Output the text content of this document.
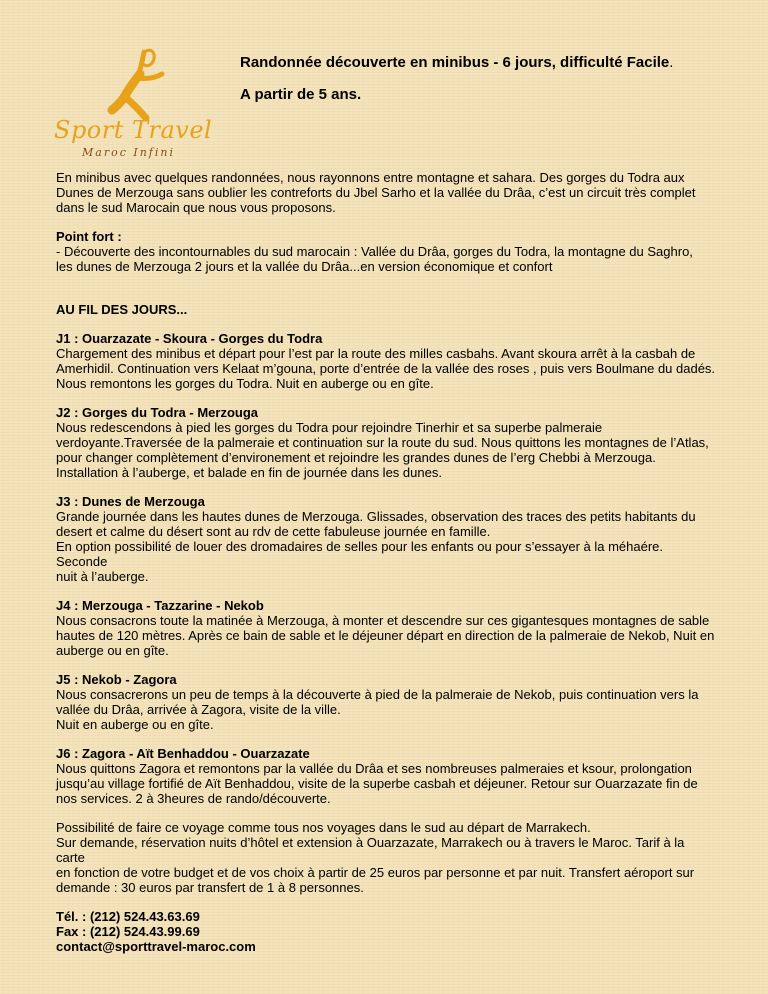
Sport Travel
Maroc Infini
Randonnée découverte en minibus - 6 jours, difficulté Facile.
A partir de 5 ans.

En minibus avec quelques randonnées, nous rayonnons entre montagne et sahara. Des gorges du Todra aux
Dunes de Merzouga sans oublier les contreforts du Jbel Sarho et la vallée du Drâa, c’est un circuit très complet
dans le sud Marocain que nous vous proposons.

Point fort :
- Découverte des incontournables du sud marocain : Vallée du Drâa, gorges du Todra, la montagne du Saghro,
les dunes de Merzouga 2 jours et la vallée du Drâa...en version économique et confort

AU FIL DES JOURS...

J1 : Ouarzazate - Skoura - Gorges du Todra
Chargement des minibus et départ pour l’est par la route des milles casbahs. Avant skoura arrêt à la casbah de
Amerhidil. Continuation vers Kelaat m’gouna, porte d’entrée de la vallée des roses , puis vers Boulmane du dadés.
Nous remontons les gorges du Todra. Nuit en auberge ou en gîte.

J2 : Gorges du Todra - Merzouga
Nous redescendons à pied les gorges du Todra pour rejoindre Tinerhir et sa superbe palmeraie
verdoyante.Traversée de la palmeraie et continuation sur la route du sud. Nous quittons les montagnes de l’Atlas,
pour changer complètement d’environement et rejoindre les grandes dunes de l’erg Chebbi à Merzouga.
Installation à l’auberge, et balade en fin de journée dans les dunes.

J3 : Dunes de Merzouga
Grande journée dans les hautes dunes de Merzouga. Glissades, observation des traces des petits habitants du
desert et calme du désert sont au rdv de cette fabuleuse journée en famille.
En option possibilité de louer des dromadaires de selles pour les enfants ou pour s’essayer à la méhaére. Seconde
nuit à l’auberge.

J4 : Merzouga - Tazzarine - Nekob
Nous consacrons toute la matinée à Merzouga, à monter et descendre sur ces gigantesques montagnes de sable
hautes de 120 mètres. Après ce bain de sable et le déjeuner départ en direction de la palmeraie de Nekob, Nuit en
auberge ou en gîte.

J5 : Nekob - Zagora
Nous consacrerons un peu de temps à la découverte à pied de la palmeraie de Nekob, puis continuation vers la
vallée du Drâa, arrivée à Zagora, visite de la ville.
Nuit en auberge ou en gîte.

J6 : Zagora - Aït Benhaddou - Ouarzazate
Nous quittons Zagora et remontons par la vallée du Drâa et ses nombreuses palmeraies et ksour, prolongation
jusqu’au village fortifié de Aït Benhaddou, visite de la superbe casbah et déjeuner. Retour sur Ouarzazate fin de
nos services. 2 à 3heures de rando/découverte.

Possibilité de faire ce voyage comme tous nos voyages dans le sud au départ de Marrakech.
Sur demande, réservation nuits d’hôtel et extension à Ouarzazate, Marrakech ou à travers le Maroc. Tarif à la carte
en fonction de votre budget et de vos choix à partir de 25 euros par personne et par nuit. Transfert aéroport sur
demande : 30 euros par transfert de 1 à 8 personnes.

Tél. : (212) 524.43.63.69
Fax : (212) 524.43.99.69
contact@sporttravel-maroc.com
